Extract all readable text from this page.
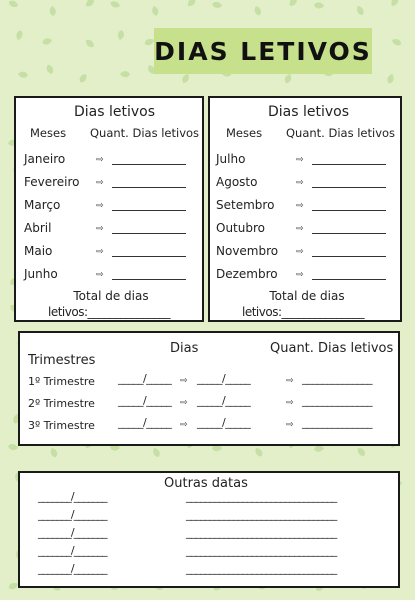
DIAS LETIVOS
Dias letivos
Meses Quant. Dias letivos
Janeiro	⇨
Fevereiro ⇨
Março	⇨
Abril	⇨
Maio	⇨
Junho	⇨
Total de dias
letivos:_______________
Dias letivos
Meses Quant. Dias letivos
Julho	⇨
Agosto	⇨
Setembro ⇨
Outubro	⇨
Novembro ⇨
Dezembro ⇨
Total de dias
letivos:_______________
Dias	Quant. Dias letivos
Trimestres
1º Trimestre _____/_____ ⇨ _____/_____	⇨ ______________
2º Trimestre _____/_____ ⇨ _____/_____	⇨ ______________
3º Trimestre _____/_____ ⇨ _____/_____	⇨ ______________
Outras datas
_______/_______	________________________________
_______/_______	________________________________
_______/_______	________________________________
_______/_______	________________________________
_______/_______	________________________________
